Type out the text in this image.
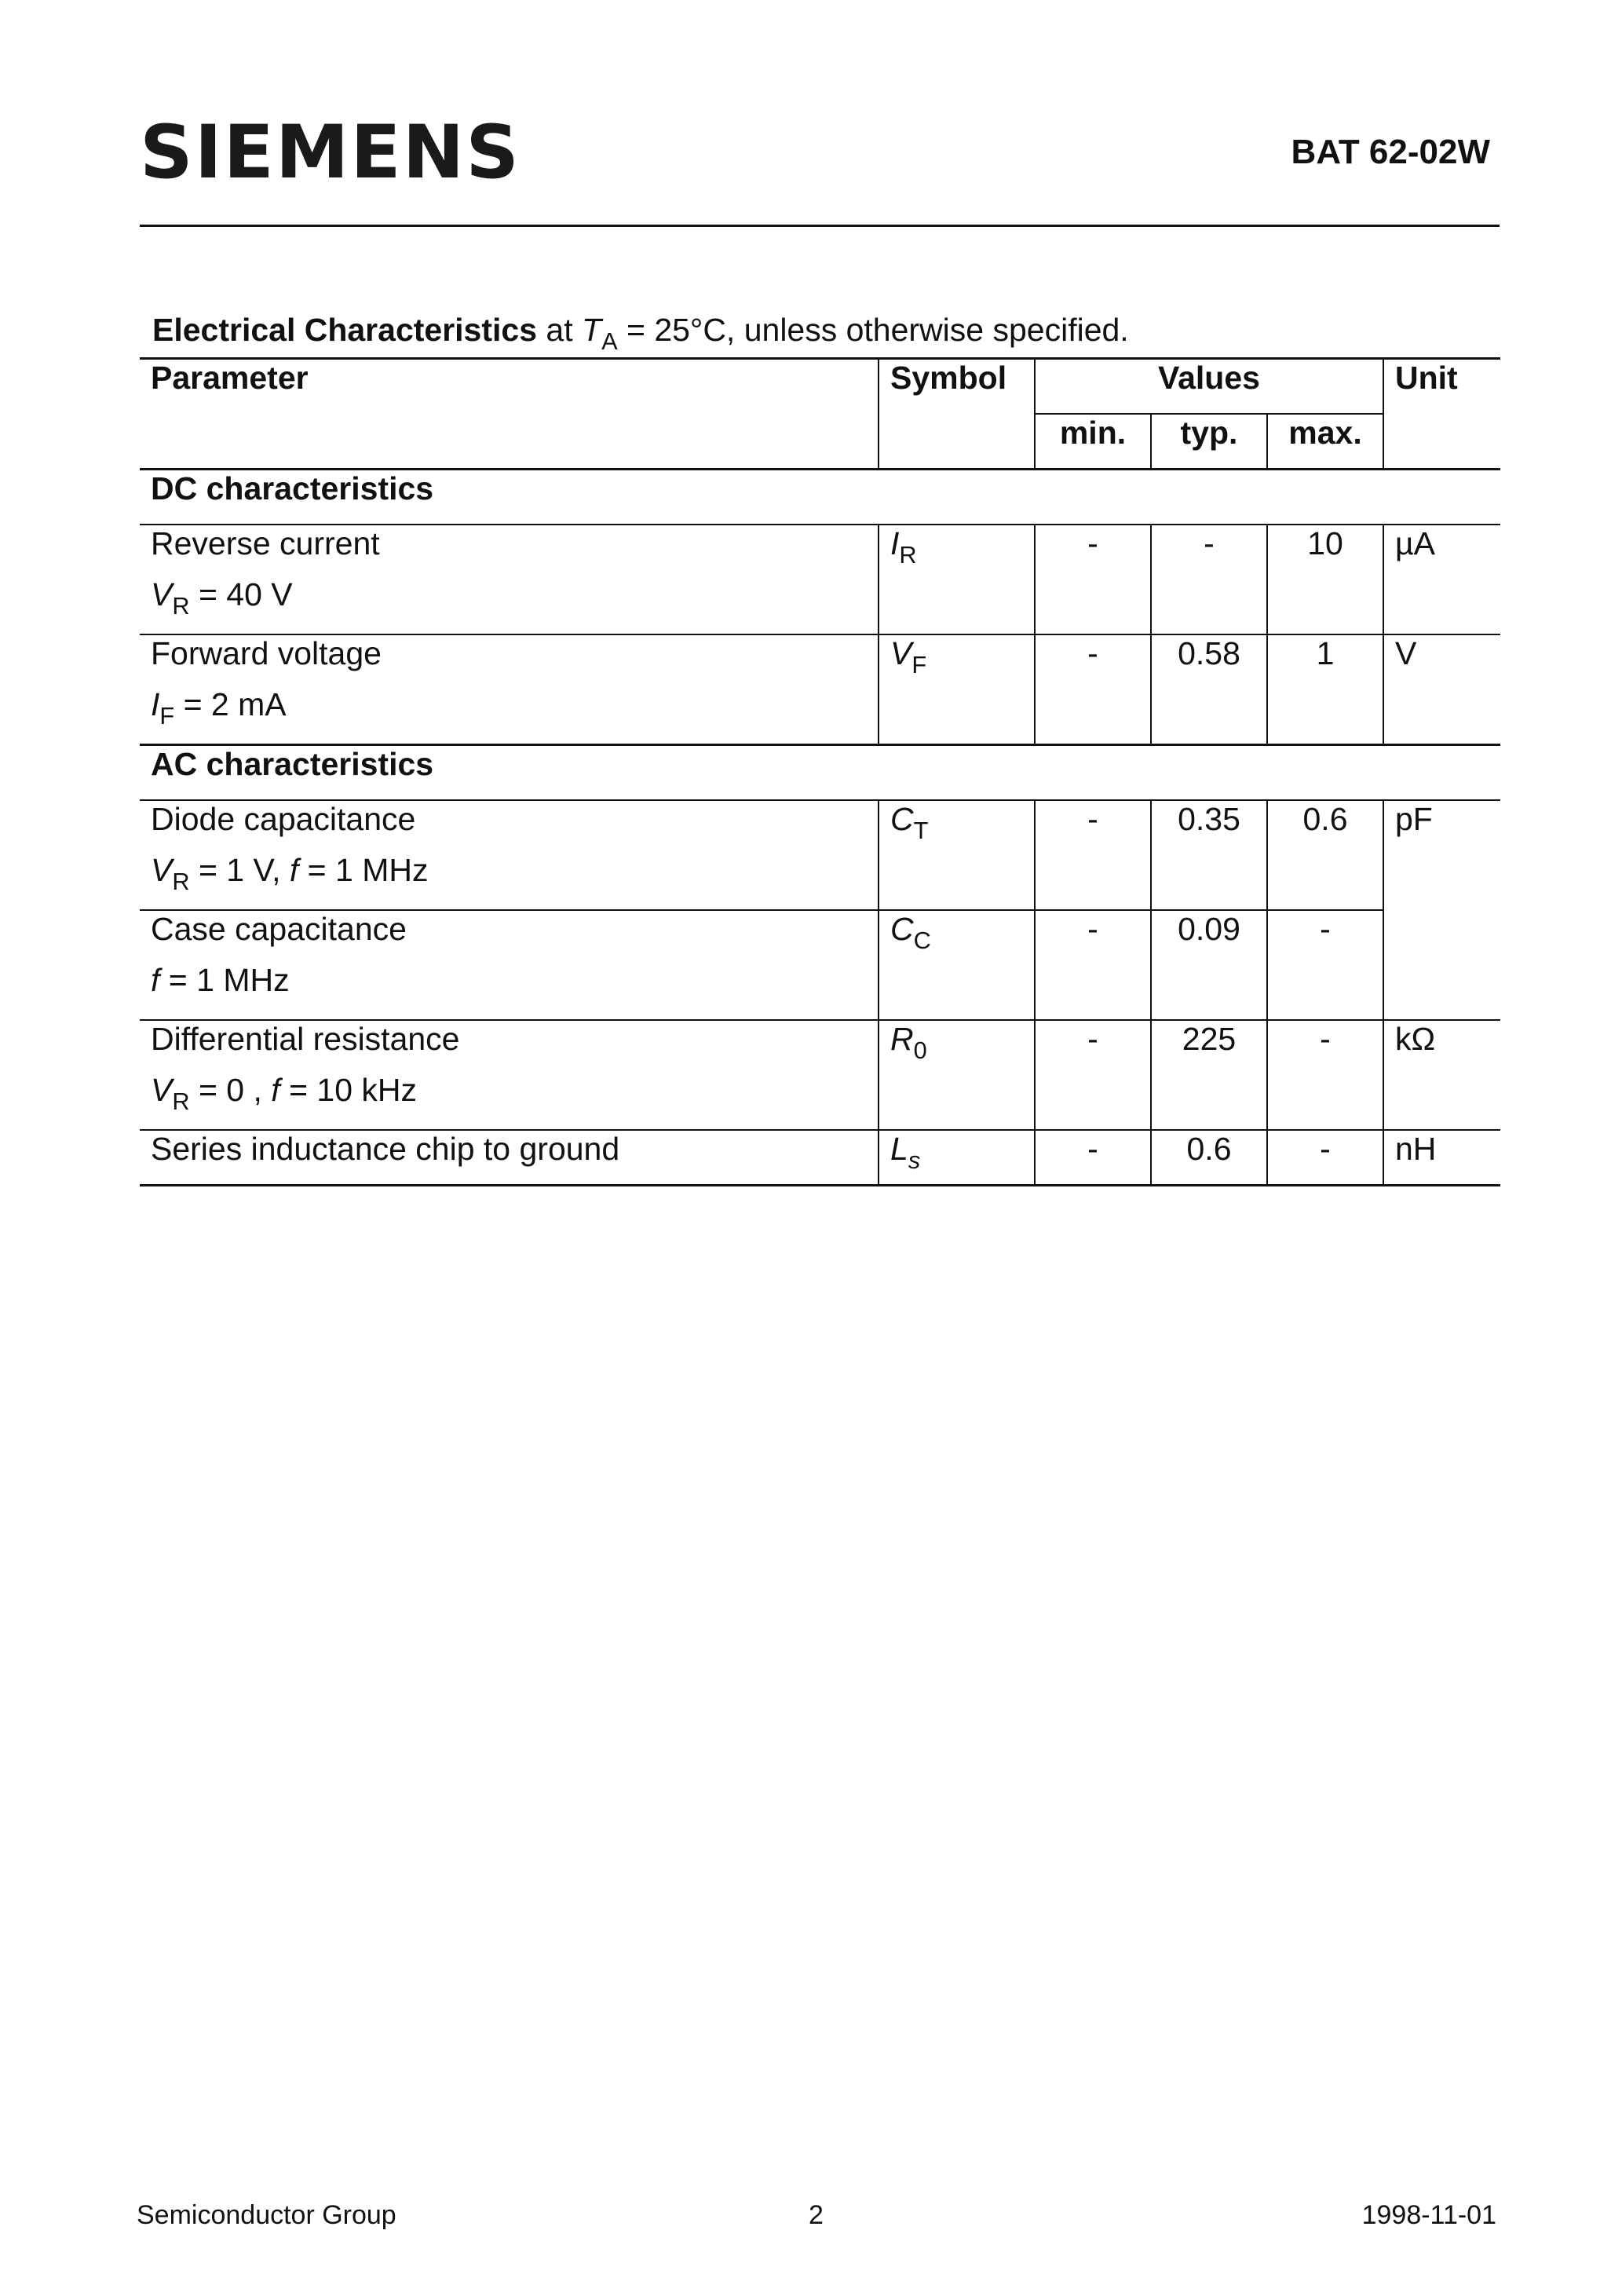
SIEMENS	BAT 62-02W
Electrical Characteristics at $T_A = 25^\circ C$, unless otherwise specified.
Parameter	Symbol	Values			Unit
		min.	typ.	max.	
DC characteristics					
Reverse current
$V_R = 40$ V	$I_R$	-	-	10	µA
Forward voltage
$I_F = 2$ mA	$V_F$	-	0.58	1	V
AC characteristics					
Diode capacitance
$V_R = 1$ V, f = 1 MHz	$C_T$	-	0.35	0.6	pF
Case capacitance
f = 1 MHz	$C_C$	-	0.09	-	
Differential resistance
$V_R = 0$ , f = 10 kHz	$R_0$	-	225	-	kΩ
Series inductance chip to ground	$L_s$	-	0.6	-	nH
Semiconductor Group	2	1998-11-01
